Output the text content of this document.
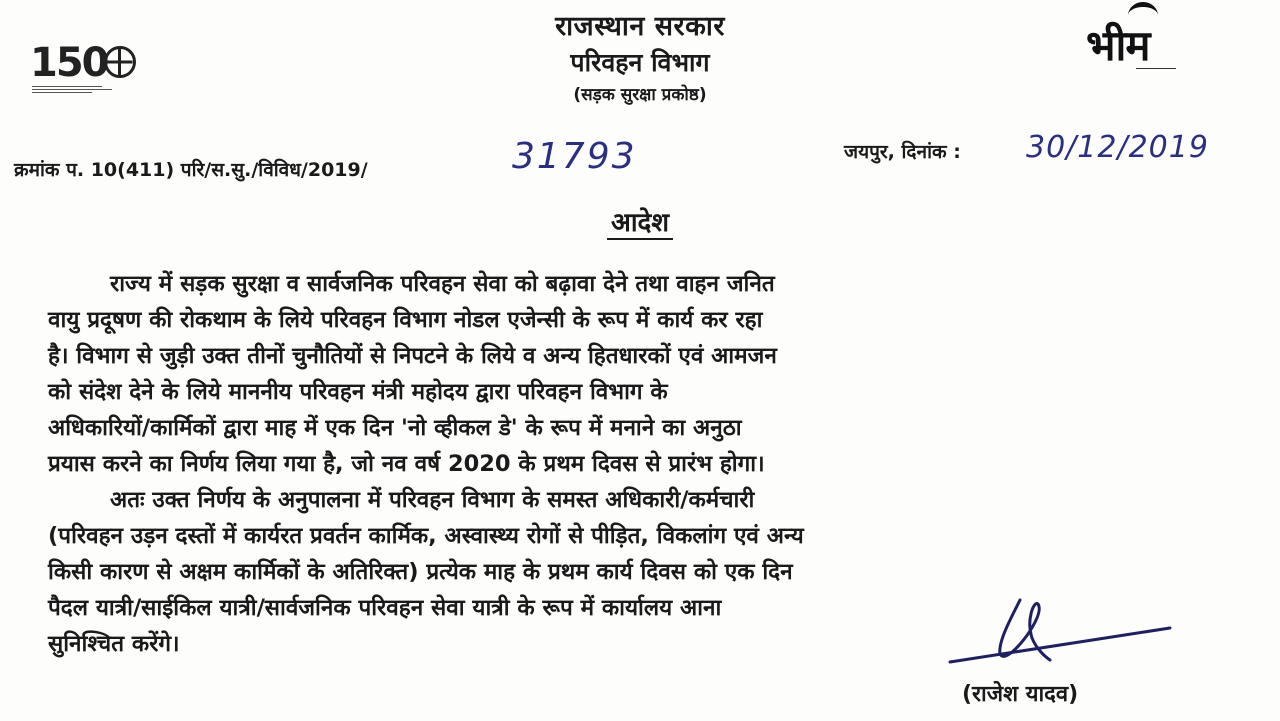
150
राजस्थान सरकार
परिवहन विभाग
(सड़क सुरक्षा प्रकोष्ठ)
भीम
क्रमांक प. 10(411) परि/स.सु./विविध/2019/	31793	जयपुर, दिनांक : 30/12/2019
आदेश
राज्य में सड़क सुरक्षा व सार्वजनिक परिवहन सेवा को बढ़ावा देने तथा वाहन जनित
वायु प्रदूषण की रोकथाम के लिये परिवहन विभाग नोडल एजेन्सी के रूप में कार्य कर रहा
है। विभाग से जुड़ी उक्त तीनों चुनौतियों से निपटने के लिये व अन्य हितधारकों एवं आमजन
को संदेश देने के लिये माननीय परिवहन मंत्री महोदय द्वारा परिवहन विभाग के
अधिकारियों/कार्मिकों द्वारा माह में एक दिन 'नो व्हीकल डे' के रूप में मनाने का अनुठा
प्रयास करने का निर्णय लिया गया है, जो नव वर्ष 2020 के प्रथम दिवस से प्रारंभ होगा।
अतः उक्त निर्णय के अनुपालना में परिवहन विभाग के समस्त अधिकारी/कर्मचारी
(परिवहन उड़न दस्तों में कार्यरत प्रवर्तन कार्मिक, अस्वास्थ्य रोगों से पीड़ित, विकलांग एवं अन्य
किसी कारण से अक्षम कार्मिकों के अतिरिक्त) प्रत्येक माह के प्रथम कार्य दिवस को एक दिन
पैदल यात्री/साईकिल यात्री/सार्वजनिक परिवहन सेवा यात्री के रूप में कार्यालय आना
सुनिश्चित करेंगे।
(राजेश यादव)
